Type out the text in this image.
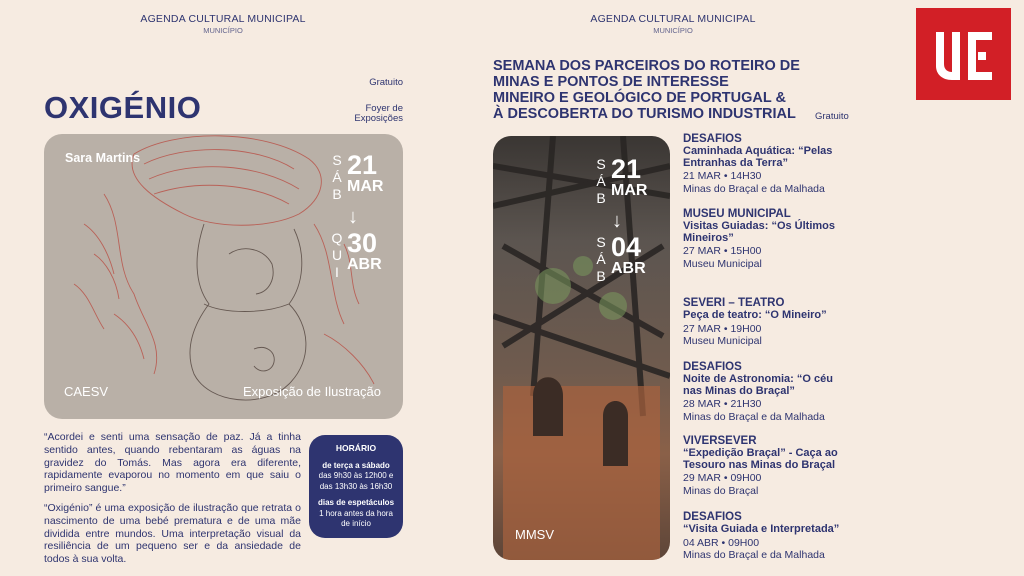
AGENDA CULTURAL MUNICIPAL
MUNICÍPIO
Gratuito
Foyer de
Exposições
OXIGÉNIO
Sara Martins	SÁB 21
MAR
↓
QUI 30
ABR
CAESV	Exposição de Ilustração
“Acordei e senti uma sensação de paz. Já a tinha sentido antes, quando rebentaram as águas na gravidez do Tomás. Mas agora era diferente, rapidamente evaporou no momento em que saiu o primeiro sangue.”
“Oxigénio” é uma exposição de ilustração que retrata o nascimento de uma bebé prematura e de uma mãe dividida entre mundos. Uma interpretação visual da resiliência de um pequeno ser e da ansiedade de todos à sua volta.
HORÁRIO
de terça a sábado
das 9h30 às 12h00 e das 13h30 às 16h30
dias de espetáculos
1 hora antes da hora de início
AGENDA CULTURAL MUNICIPAL
MUNICÍPIO
SEMANA DOS PARCEIROS DO ROTEIRO DE
MINAS E PONTOS DE INTERESSE
MINEIRO E GEOLÓGICO DE PORTUGAL &
À DESCOBERTA DO TURISMO INDUSTRIAL	Gratuito
SÁB 21
MAR
↓
SÁB 04
ABR
MMSV
DESAFIOS
Caminhada Aquática: “Pelas Entranhas da Terra”
21 MAR • 14H30
Minas do Braçal e da Malhada
MUSEU MUNICIPAL
Visitas Guiadas: “Os Últimos Mineiros”
27 MAR • 15H00
Museu Municipal
SEVERI – TEATRO
Peça de teatro: “O Mineiro”
27 MAR • 19H00
Museu Municipal
DESAFIOS
Noite de Astronomia: “O céu nas Minas do Braçal”
28 MAR • 21H30
Minas do Braçal e da Malhada
VIVERSEVER
“Expedição Braçal” - Caça ao Tesouro nas Minas do Braçal
29 MAR • 09H00
Minas do Braçal
DESAFIOS
“Visita Guiada e Interpretada”
04 ABR • 09H00
Minas do Braçal e da Malhada
